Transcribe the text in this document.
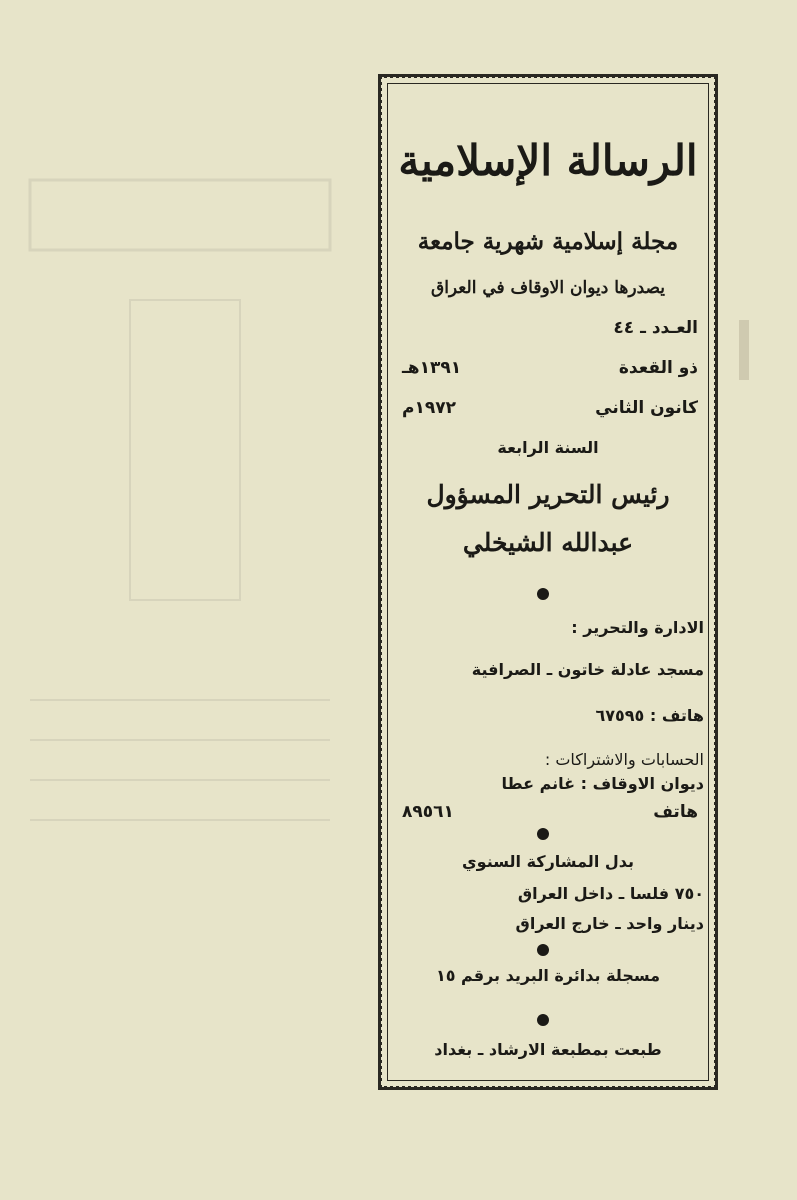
الرسالة الإسلامية
مجلة إسلامية شهرية جامعة
يصدرها ديوان الاوقاف في العراق
العـدد ـ ٤٤
ذو القعدة
١٣٩١هـ
كانون الثاني
١٩٧٢م
السنة الرابعة
رئيس التحرير المسؤول
عبدالله الشيخلي
الادارة والتحرير :
مسجد عادلة خاتون ـ الصرافية
هاتف : ٦٧٥٩٥
الحسابات والاشتراكات :
ديوان الاوقاف : غانم عطا
هاتف
٨٩٥٦١
بدل المشاركة السنوي
٧٥٠ فلسا ـ داخل العراق
دينار واحد ـ خارج العراق
مسجلة بدائرة البريد برقم ١٥
طبعت بمطبعة الارشاد ـ بغداد
